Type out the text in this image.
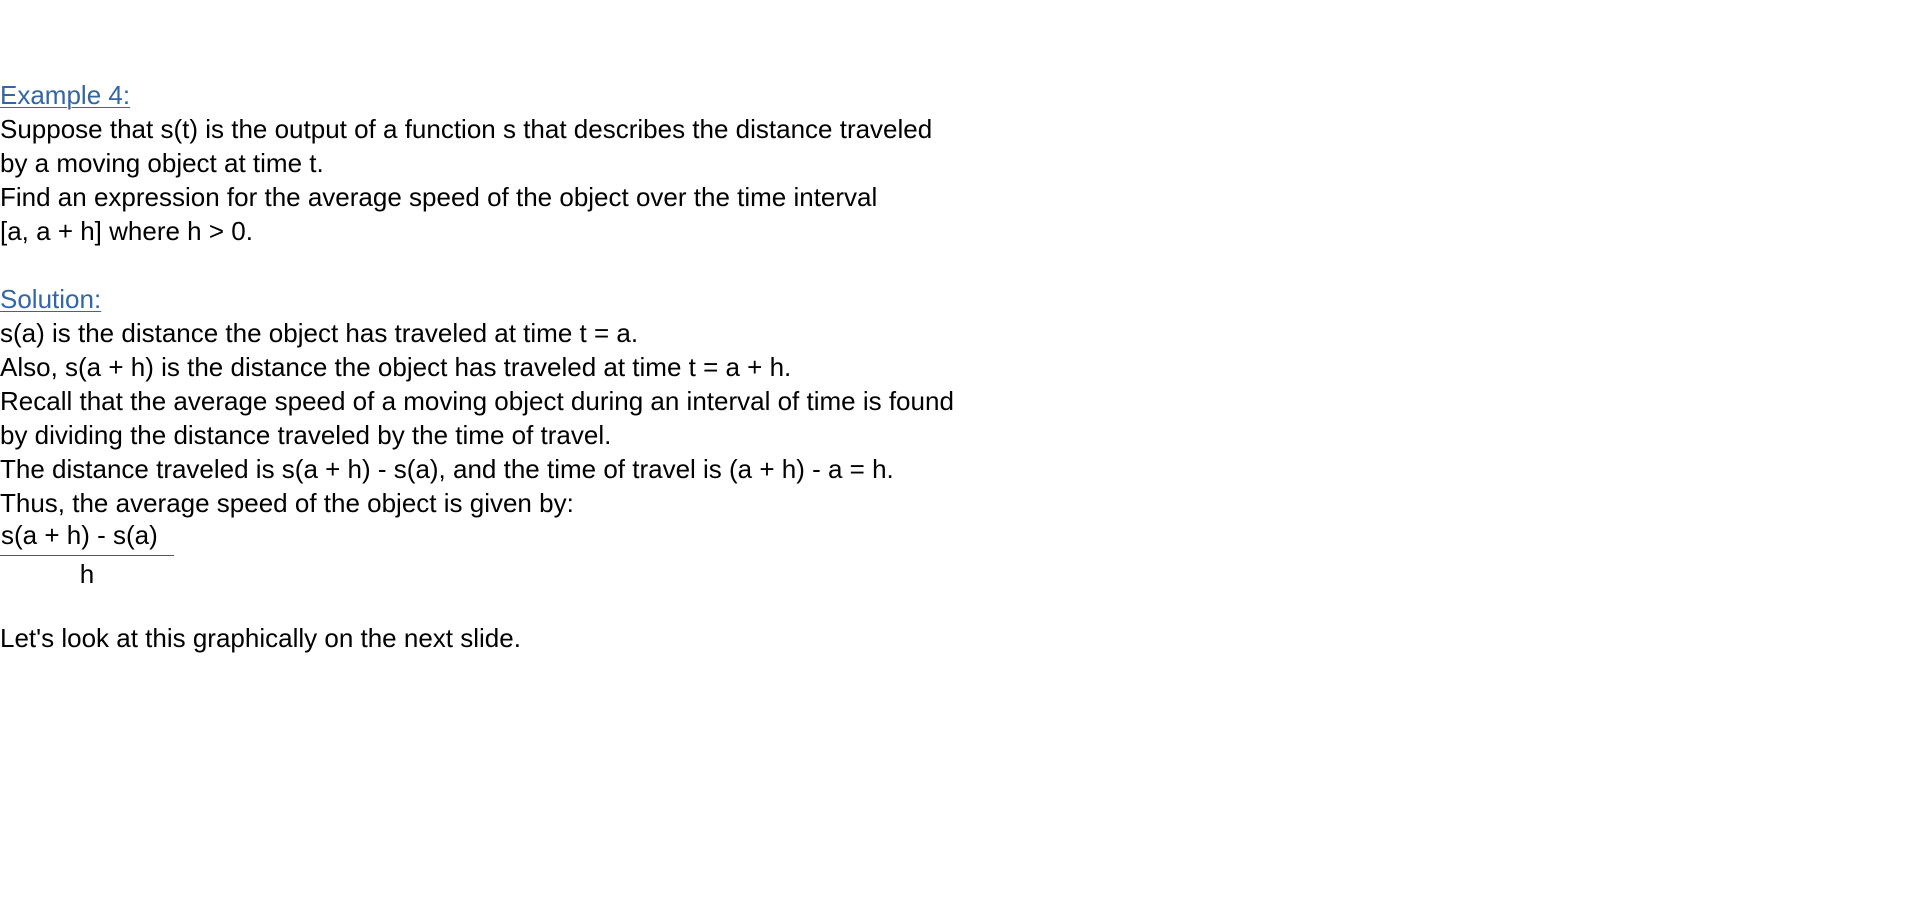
Example 4:
Suppose that s(t) is the output of a function s that describes the distance traveled
by a moving object at time t.
Find an expression for the average speed of the object over the time interval
[a, a + h] where h > 0.
Solution:
s(a) is the distance the object has traveled at time t = a.
Also, s(a + h) is the distance the object has traveled at time t = a + h.
Recall that the average speed of a moving object during an interval of time is found
by dividing the distance traveled by the time of travel.
The distance traveled is s(a + h) - s(a), and the time of travel is (a + h) - a = h.
Thus, the average speed of the object is given by:
s(a + h) - s(a)
h
Let's look at this graphically on the next slide.
